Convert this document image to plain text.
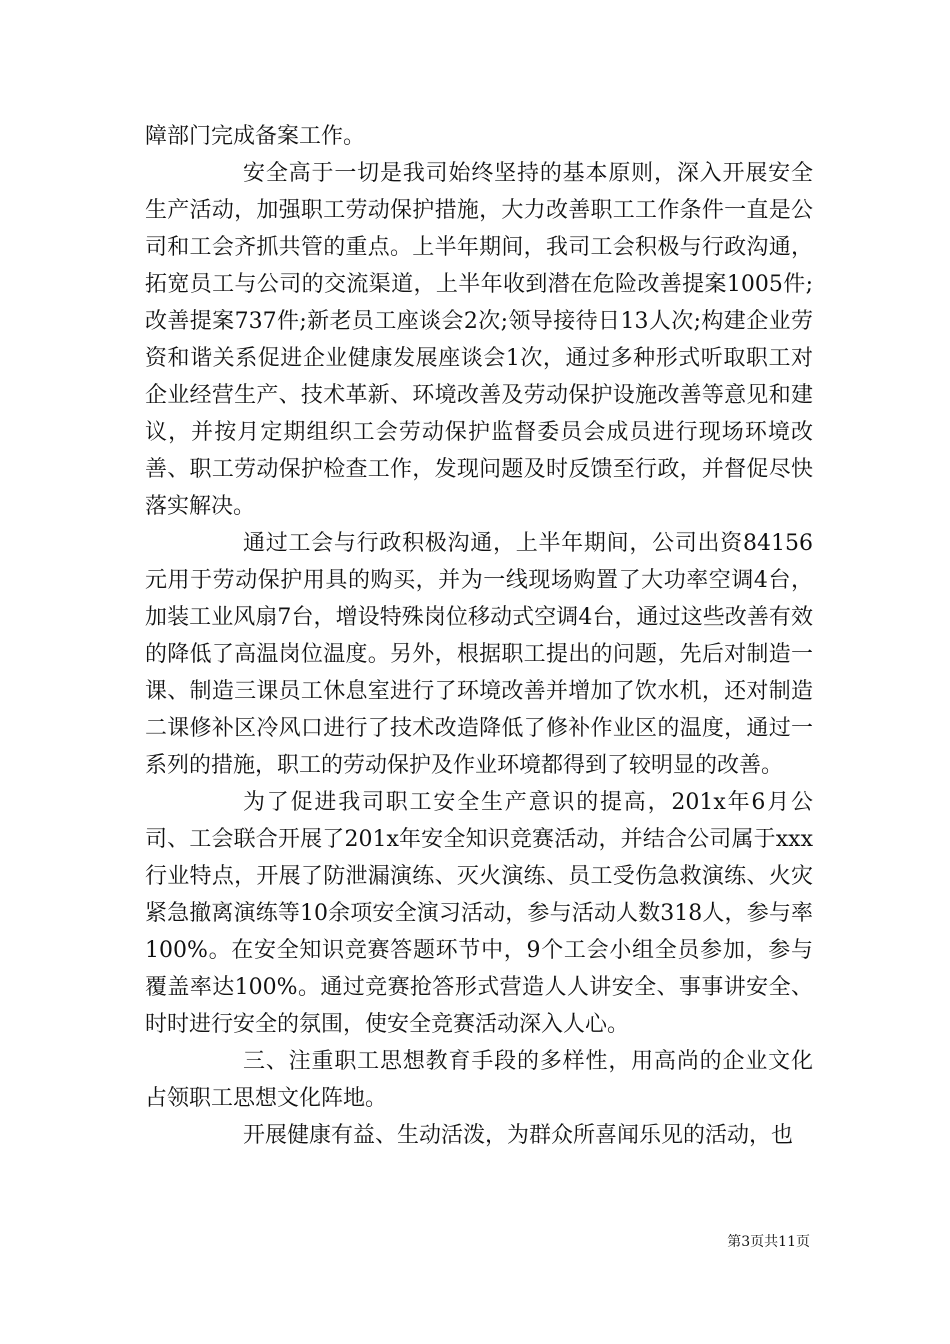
障部门完成备案工作。

安全高于一切是我司始终坚持的基本原则，深入开展安全生产活动，加强职工劳动保护措施，大力改善职工工作条件一直是公司和工会齐抓共管的重点。上半年期间，我司工会积极与行政沟通，拓宽员工与公司的交流渠道，上半年收到潜在危险改善提案1005件;改善提案737件;新老员工座谈会2次;领导接待日13人次;构建企业劳资和谐关系促进企业健康发展座谈会1次，通过多种形式听取职工对企业经营生产、技术革新、环境改善及劳动保护设施改善等意见和建议，并按月定期组织工会劳动保护监督委员会成员进行现场环境改善、职工劳动保护检查工作，发现问题及时反馈至行政，并督促尽快落实解决。

通过工会与行政积极沟通，上半年期间，公司出资84156元用于劳动保护用具的购买，并为一线现场购置了大功率空调4台，加装工业风扇7台，增设特殊岗位移动式空调4台，通过这些改善有效的降低了高温岗位温度。另外，根据职工提出的问题，先后对制造一课、制造三课员工休息室进行了环境改善并增加了饮水机，还对制造二课修补区冷风口进行了技术改造降低了修补作业区的温度，通过一系列的措施，职工的劳动保护及作业环境都得到了较明显的改善。

为了促进我司职工安全生产意识的提高，201x年6月公司、工会联合开展了201x年安全知识竞赛活动，并结合公司属于xxx行业特点，开展了防泄漏演练、灭火演练、员工受伤急救演练、火灾紧急撤离演练等10余项安全演习活动，参与活动人数318人，参与率100%。在安全知识竞赛答题环节中，9个工会小组全员参加，参与覆盖率达100%。通过竞赛抢答形式营造人人讲安全、事事讲安全、时时进行安全的氛围，使安全竞赛活动深入人心。

三、注重职工思想教育手段的多样性，用高尚的企业文化占领职工思想文化阵地。

开展健康有益、生动活泼，为群众所喜闻乐见的活动，也

第3页共11页
